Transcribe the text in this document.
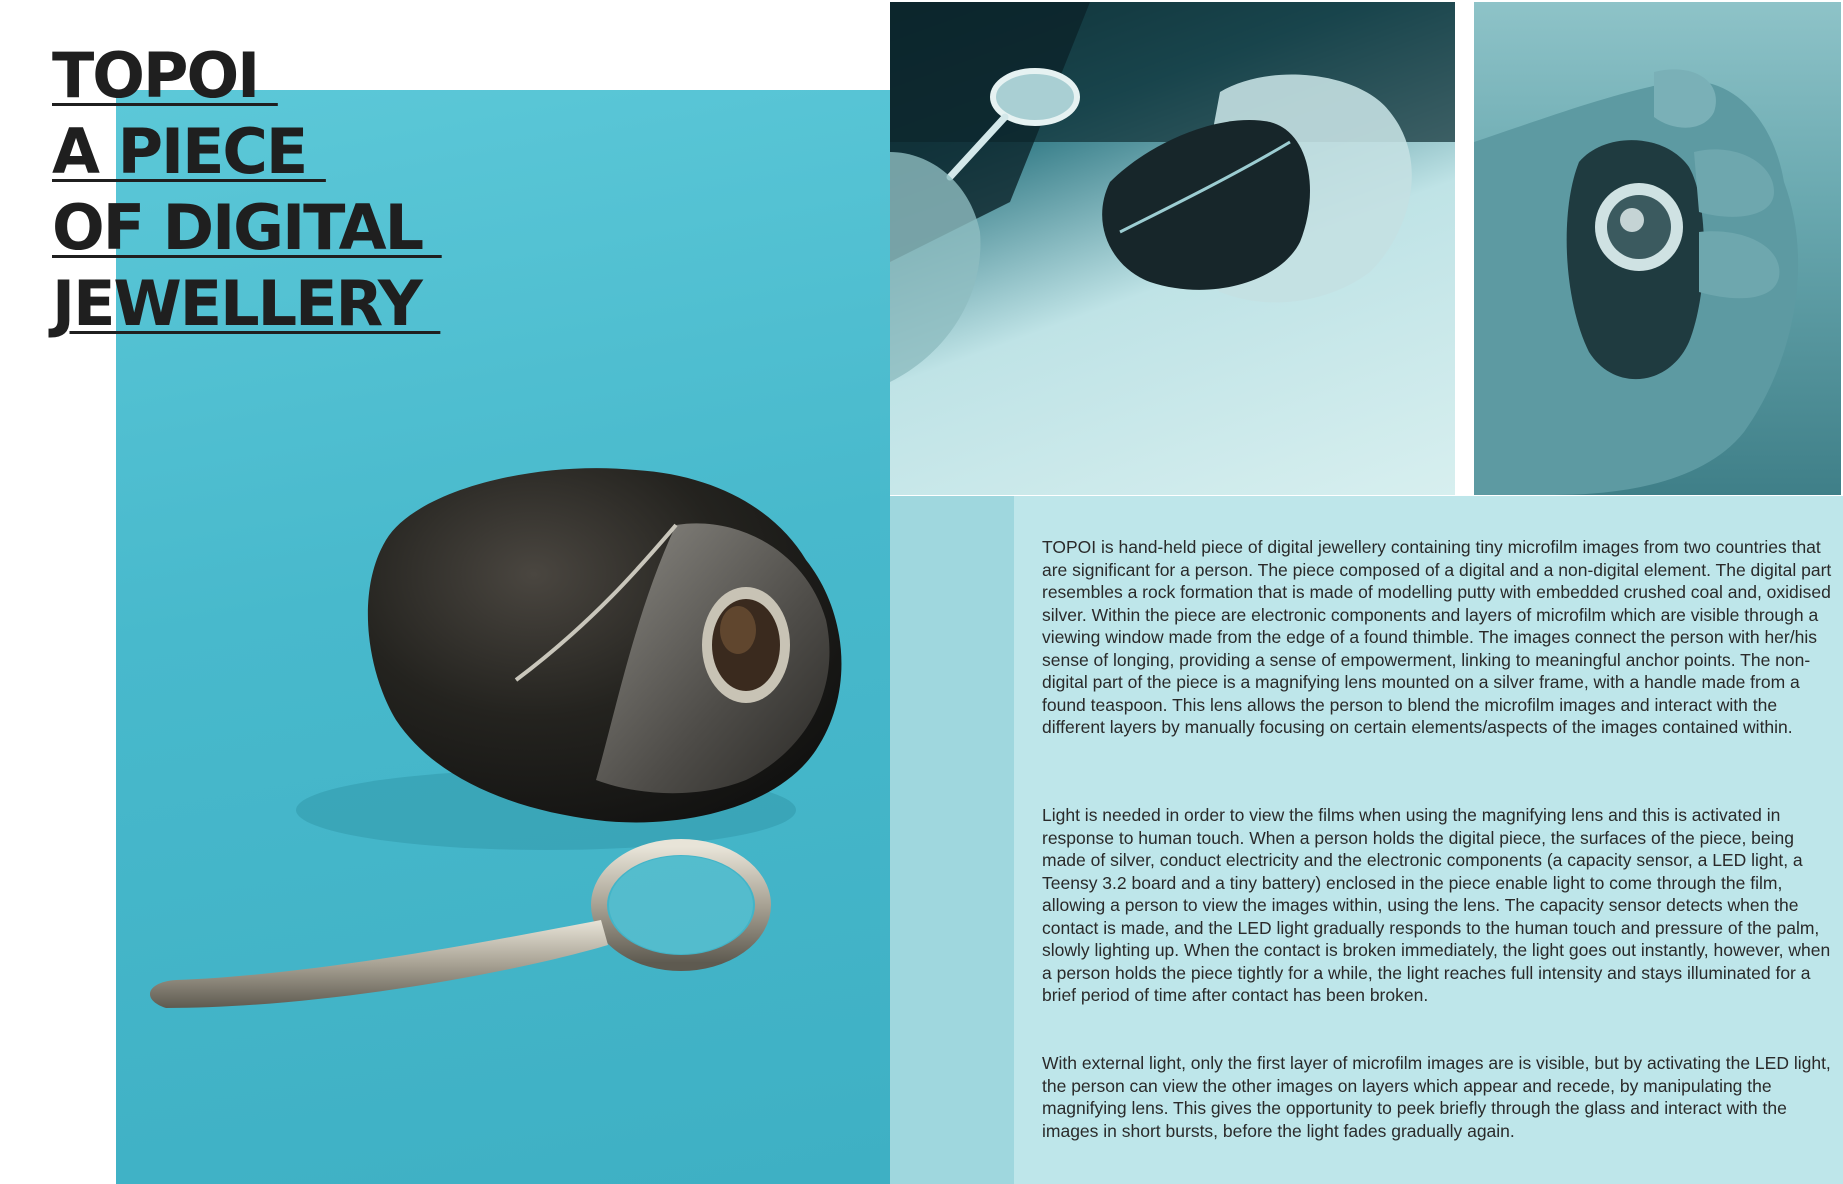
TOPOI
A PIECE
OF DIGITAL
JEWELLERY

TOPOI is hand-held piece of digital jewellery containing tiny microfilm images from two countries that are significant for a person. The piece composed of a digital and a non-digital element. The digital part resembles a rock formation that is made of modelling putty with embedded crushed coal and, oxidised silver. Within the piece are electronic components and layers of microfilm which are visible through a viewing window made from the edge of a found thimble. The images connect the person with her/his sense of longing, providing a sense of empowerment, linking to meaningful anchor points. The non-digital part of the piece is a magnifying lens mounted on a silver frame, with a handle made from a found teaspoon. This lens allows the person to blend the microfilm images and interact with the different layers by manually focusing on certain elements/aspects of the images contained within.

Light is needed in order to view the films when using the magnifying lens and this is activated in response to human touch. When a person holds the digital piece, the surfaces of the piece, being made of silver, conduct electricity and the electronic components (a capacity sensor, a LED light, a Teensy 3.2 board and a tiny battery) enclosed in the piece enable light to come through the film, allowing a person to view the images within, using the lens. The capacity sensor detects when the contact is made, and the LED light gradually responds to the human touch and pressure of the palm, slowly lighting up. When the contact is broken immediately, the light goes out instantly, however, when a person holds the piece tightly for a while, the light reaches full intensity and stays illuminated for a brief period of time after contact has been broken.

With external light, only the first layer of microfilm images are is visible, but by activating the LED light, the person can view the other images on layers which appear and recede, by manipulating the magnifying lens. This gives the opportunity to peek briefly through the glass and interact with the images in short bursts, before the light fades gradually again.
